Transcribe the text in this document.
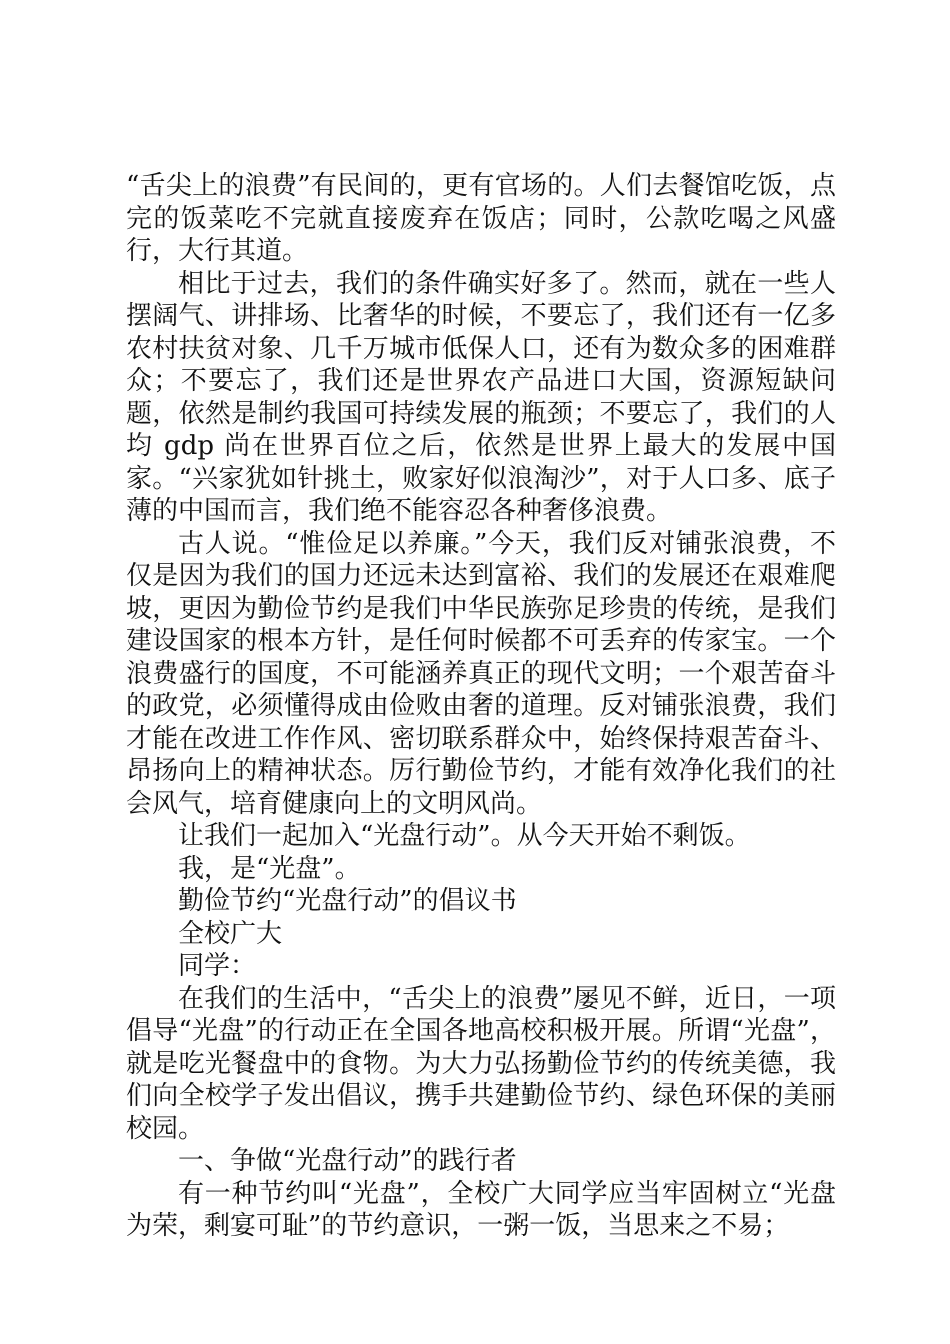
“舌尖上的浪费”有民间的，更有官场的。人们去餐馆吃饭，点完的饭菜吃不完就直接废弃在饭店；同时，公款吃喝之风盛行，大行其道。

相比于过去，我们的条件确实好多了。然而，就在一些人摆阔气、讲排场、比奢华的时候，不要忘了，我们还有一亿多农村扶贫对象、几千万城市低保人口，还有为数众多的困难群众；不要忘了，我们还是世界农产品进口大国，资源短缺问题，依然是制约我国可持续发展的瓶颈；不要忘了，我们的人均 gdp 尚在世界百位之后，依然是世界上最大的发展中国家。“兴家犹如针挑土，败家好似浪淘沙”，对于人口多、底子薄的中国而言，我们绝不能容忍各种奢侈浪费。

古人说。“惟俭足以养廉。”今天，我们反对铺张浪费，不仅是因为我们的国力还远未达到富裕、我们的发展还在艰难爬坡，更因为勤俭节约是我们中华民族弥足珍贵的传统，是我们建设国家的根本方针，是任何时候都不可丢弃的传家宝。一个浪费盛行的国度，不可能涵养真正的现代文明；一个艰苦奋斗的政党，必须懂得成由俭败由奢的道理。反对铺张浪费，我们才能在改进工作作风、密切联系群众中，始终保持艰苦奋斗、昂扬向上的精神状态。厉行勤俭节约，才能有效净化我们的社会风气，培育健康向上的文明风尚。

让我们一起加入“光盘行动”。从今天开始不剩饭。

我，是“光盘”。

勤俭节约“光盘行动”的倡议书

全校广大

同学：

在我们的生活中，“舌尖上的浪费”屡见不鲜，近日，一项倡导“光盘”的行动正在全国各地高校积极开展。所谓“光盘”，就是吃光餐盘中的食物。为大力弘扬勤俭节约的传统美德，我们向全校学子发出倡议，携手共建勤俭节约、绿色环保的美丽校园。

一、争做“光盘行动”的践行者

有一种节约叫“光盘”，全校广大同学应当牢固树立“光盘为荣，剩宴可耻”的节约意识，一粥一饭，当思来之不易；
